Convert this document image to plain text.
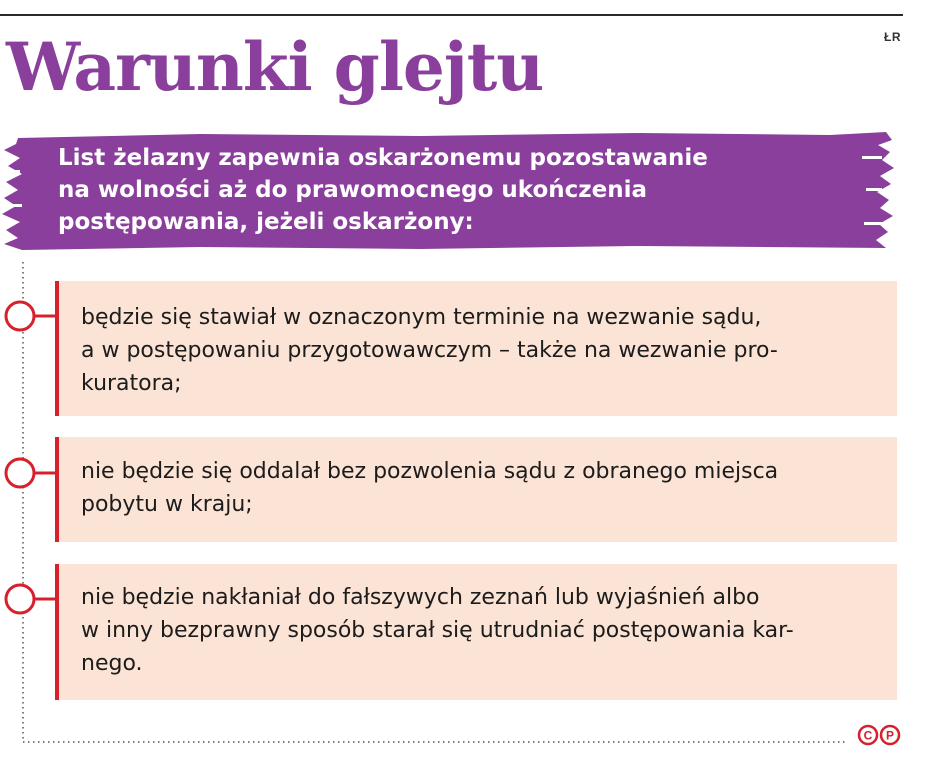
ŁR
Warunki glejtu

List żelazny zapewnia oskarżonemu pozostawanie
na wolności aż do prawomocnego ukończenia
postępowania, jeżeli oskarżony:

będzie się stawiał w oznaczonym terminie na wezwanie sądu,
a w postępowaniu przygotowawczym – także na wezwanie pro-
kuratora;

nie będzie się oddalał bez pozwolenia sądu z obranego miejsca
pobytu w kraju;

nie będzie nakłaniał do fałszywych zeznań lub wyjaśnień albo
w inny bezprawny sposób starał się utrudniać postępowania kar-
nego.

C P
